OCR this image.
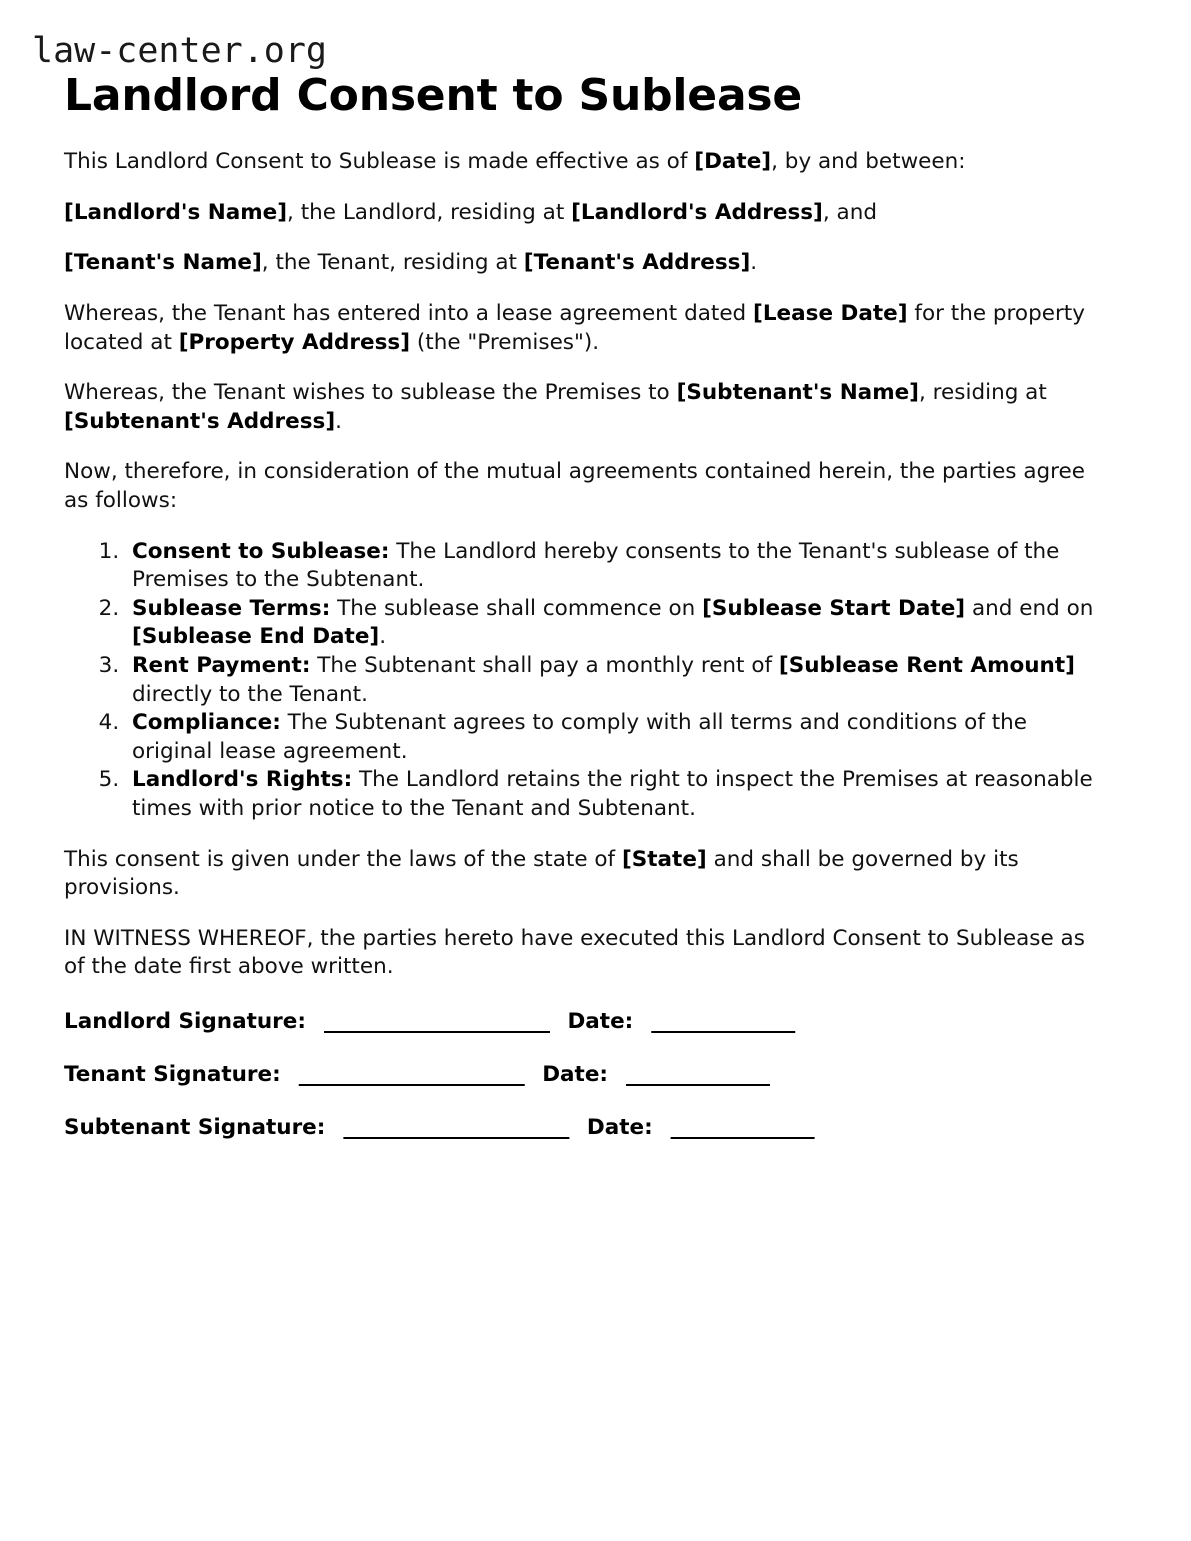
law-center.org
Landlord Consent to Sublease

This Landlord Consent to Sublease is made effective as of [Date], by and between:

[Landlord's Name], the Landlord, residing at [Landlord's Address], and

[Tenant's Name], the Tenant, residing at [Tenant's Address].

Whereas, the Tenant has entered into a lease agreement dated [Lease Date] for the property located at [Property Address] (the "Premises").

Whereas, the Tenant wishes to sublease the Premises to [Subtenant's Name], residing at [Subtenant's Address].

Now, therefore, in consideration of the mutual agreements contained herein, the parties agree as follows:

1. Consent to Sublease: The Landlord hereby consents to the Tenant's sublease of the Premises to the Subtenant.
2. Sublease Terms: The sublease shall commence on [Sublease Start Date] and end on [Sublease End Date].
3. Rent Payment: The Subtenant shall pay a monthly rent of [Sublease Rent Amount] directly to the Tenant.
4. Compliance: The Subtenant agrees to comply with all terms and conditions of the original lease agreement.
5. Landlord's Rights: The Landlord retains the right to inspect the Premises at reasonable times with prior notice to the Tenant and Subtenant.

This consent is given under the laws of the state of [State] and shall be governed by its provisions.

IN WITNESS WHEREOF, the parties hereto have executed this Landlord Consent to Sublease as of the date first above written.

Landlord Signature: ______________________ Date: ______________
Tenant Signature: ______________________ Date: ______________
Subtenant Signature: ______________________ Date: ______________
